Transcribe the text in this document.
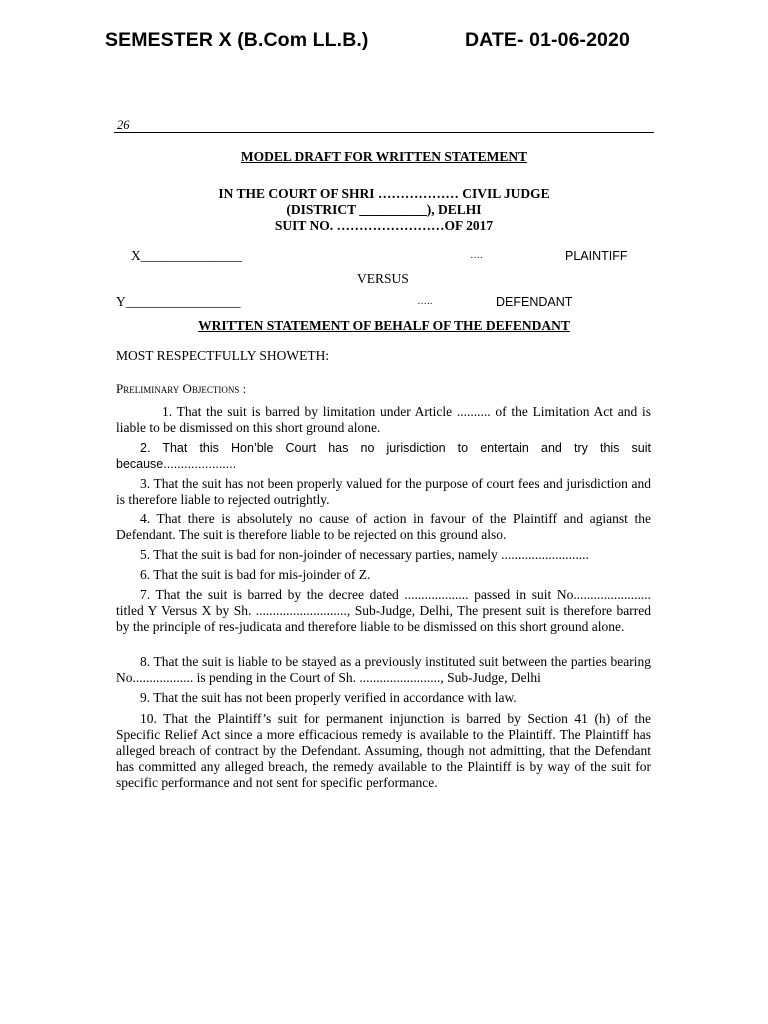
SEMESTER X (B.Com LL.B.)	DATE- 01-06-2020
26
MODEL DRAFT FOR WRITTEN STATEMENT
IN THE COURT OF SHRI ……………… CIVIL JUDGE
(DISTRICT __________), DELHI
SUIT NO. ……………………OF 2017
X_______________	….	PLAINTIFF
VERSUS
Y_________________	…..	DEFENDANT
WRITTEN STATEMENT OF BEHALF OF THE DEFENDANT
MOST RESPECTFULLY SHOWETH:
Preliminary Objections :
1. That the suit is barred by limitation under Article .......... of the Limitation Act and is liable to be dismissed on this short ground alone.
2. That this Hon’ble Court has no jurisdiction to entertain and try this suit because.....................
3. That the suit has not been properly valued for the purpose of court fees and jurisdiction and is therefore liable to rejected outrightly.
4. That there is absolutely no cause of action in favour of the Plaintiff and agianst the Defendant. The suit is therefore liable to be rejected on this ground also.
5. That the suit is bad for non-joinder of necessary parties, namely ..........................
6. That the suit is bad for mis-joinder of Z.
7. That the suit is barred by the decree dated ................... passed in suit No....................... titled Y Versus X by Sh. ..........................., Sub-Judge, Delhi, The present suit is therefore barred by the principle of res-judicata and therefore liable to be dismissed on this short ground alone.
8. That the suit is liable to be stayed as a previously instituted suit between the parties bearing No.................. is pending in the Court of Sh. ........................, Sub-Judge, Delhi
9. That the suit has not been properly verified in accordance with law.
10. That the Plaintiff’s suit for permanent injunction is barred by Section 41 (h) of the Specific Relief Act since a more efficacious remedy is available to the Plaintiff. The Plaintiff has alleged breach of contract by the Defendant. Assuming, though not admitting, that the Defendant has committed any alleged breach, the remedy available to the Plaintiff is by way of the suit for specific performance and not sent for specific performance.
